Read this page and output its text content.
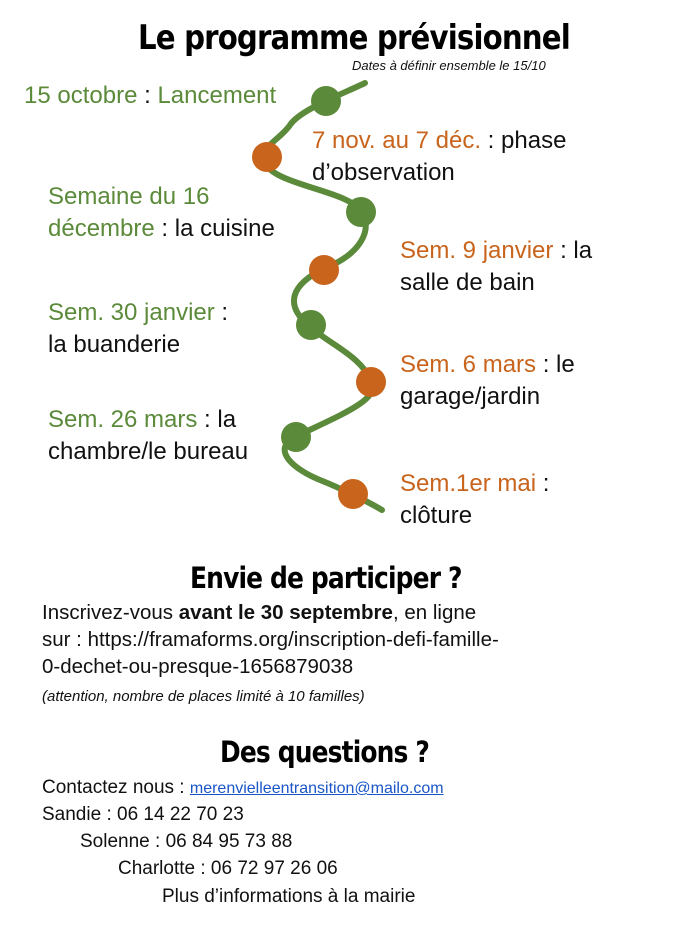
Le programme prévisionnel
Dates à définir ensemble le 15/10
15 octobre : Lancement
7 nov. au 7 déc. : phase
d’observation
Semaine du 16
décembre : la cuisine
Sem. 9 janvier : la
salle de bain
Sem. 30 janvier :
la buanderie
Sem. 6 mars : le
garage/jardin
Sem. 26 mars : la
chambre/le bureau
Sem.1er mai :
clôture
Envie de participer ?
Inscrivez-vous avant le 30 septembre, en ligne
sur : https://framaforms.org/inscription-defi-famille-
0-dechet-ou-presque-1656879038
(attention, nombre de places limité à 10 familles)
Des questions ?
Contactez nous : merenvielleentransition@mailo.com
Sandie : 06 14 22 70 23
Solenne : 06 84 95 73 88
Charlotte : 06 72 97 26 06
Plus d’informations à la mairie
